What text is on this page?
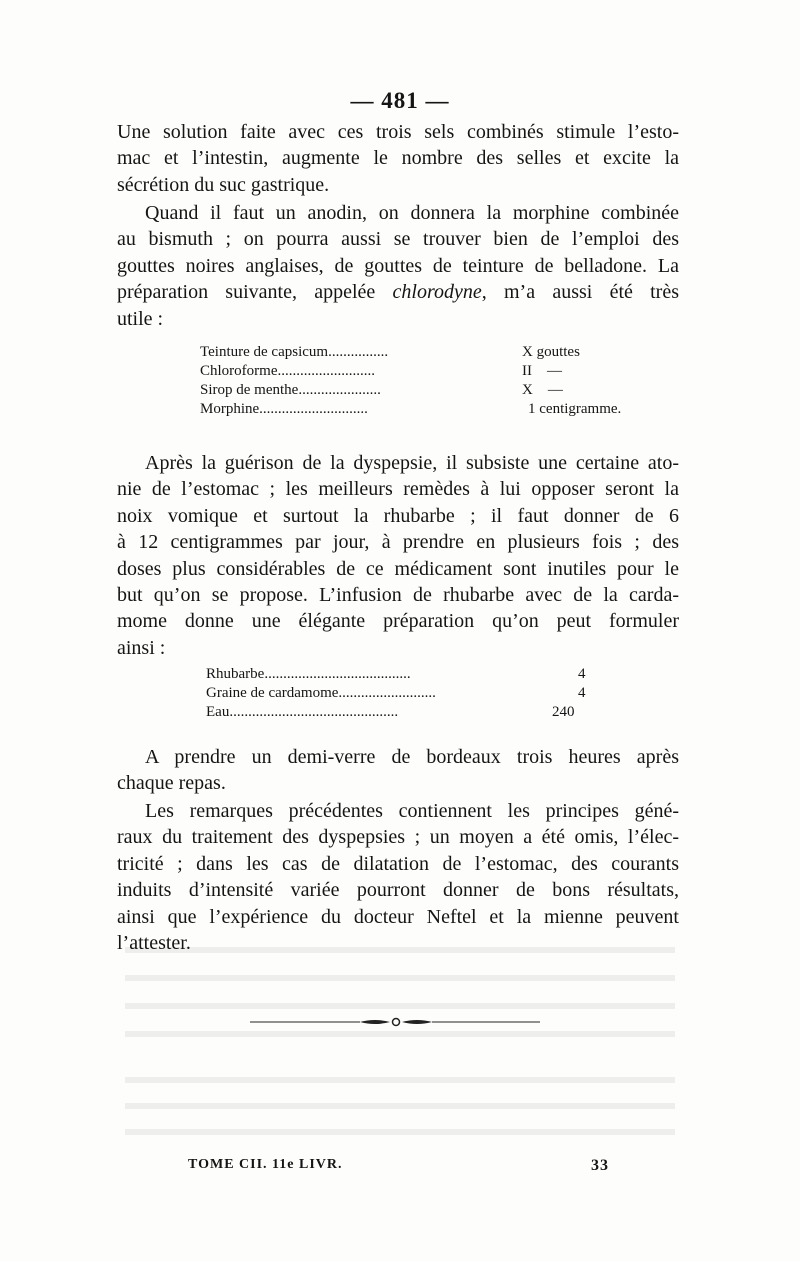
— 481 —

Une solution faite avec ces trois sels combinés stimule l’esto-
mac et l’intestin, augmente le nombre des selles et excite la

sécrétion du suc gastrique.

Quand il faut un anodin, on donnera la morphine combinée
au bismuth ; on pourra aussi se trouver bien de l’emploi des
gouttes noires anglaises, de gouttes de teinture de belladone. La
préparation suivante, appelée chlorodyne, m’a aussi été très
utile :
Teinture de capsicum................	X gouttes
Chloroforme..........................	II    —
Sirop de menthe......................	X    —
Morphine.............................	1 centigramme.
Après la guérison de la dyspepsie, il subsiste une certaine ato-
nie de l’estomac ; les meilleurs remèdes à lui opposer seront la
noix vomique et surtout la rhubarbe ; il faut donner de 6
à 12 centigrammes par jour, à prendre en plusieurs fois ; des
doses plus considérables de ce médicament sont inutiles pour le
but qu’on se propose. L’infusion de rhubarbe avec de la carda-
mome donne une élégante préparation qu’on peut formuler
ainsi :
Rhubarbe.......................................	4
Graine de cardamome..........................	4
Eau.............................................	240
A prendre un demi-verre de bordeaux trois heures après
chaque repas.
Les remarques précédentes contiennent les principes géné-
raux du traitement des dyspepsies ; un moyen a été omis, l’élec-
tricité ; dans les cas de dilatation de l’estomac, des courants
induits d’intensité variée pourront donner de bons résultats,
ainsi que l’expérience du docteur Neftel et la mienne peuvent
l’attester.
TOME CII. 11e LIVR.	33
